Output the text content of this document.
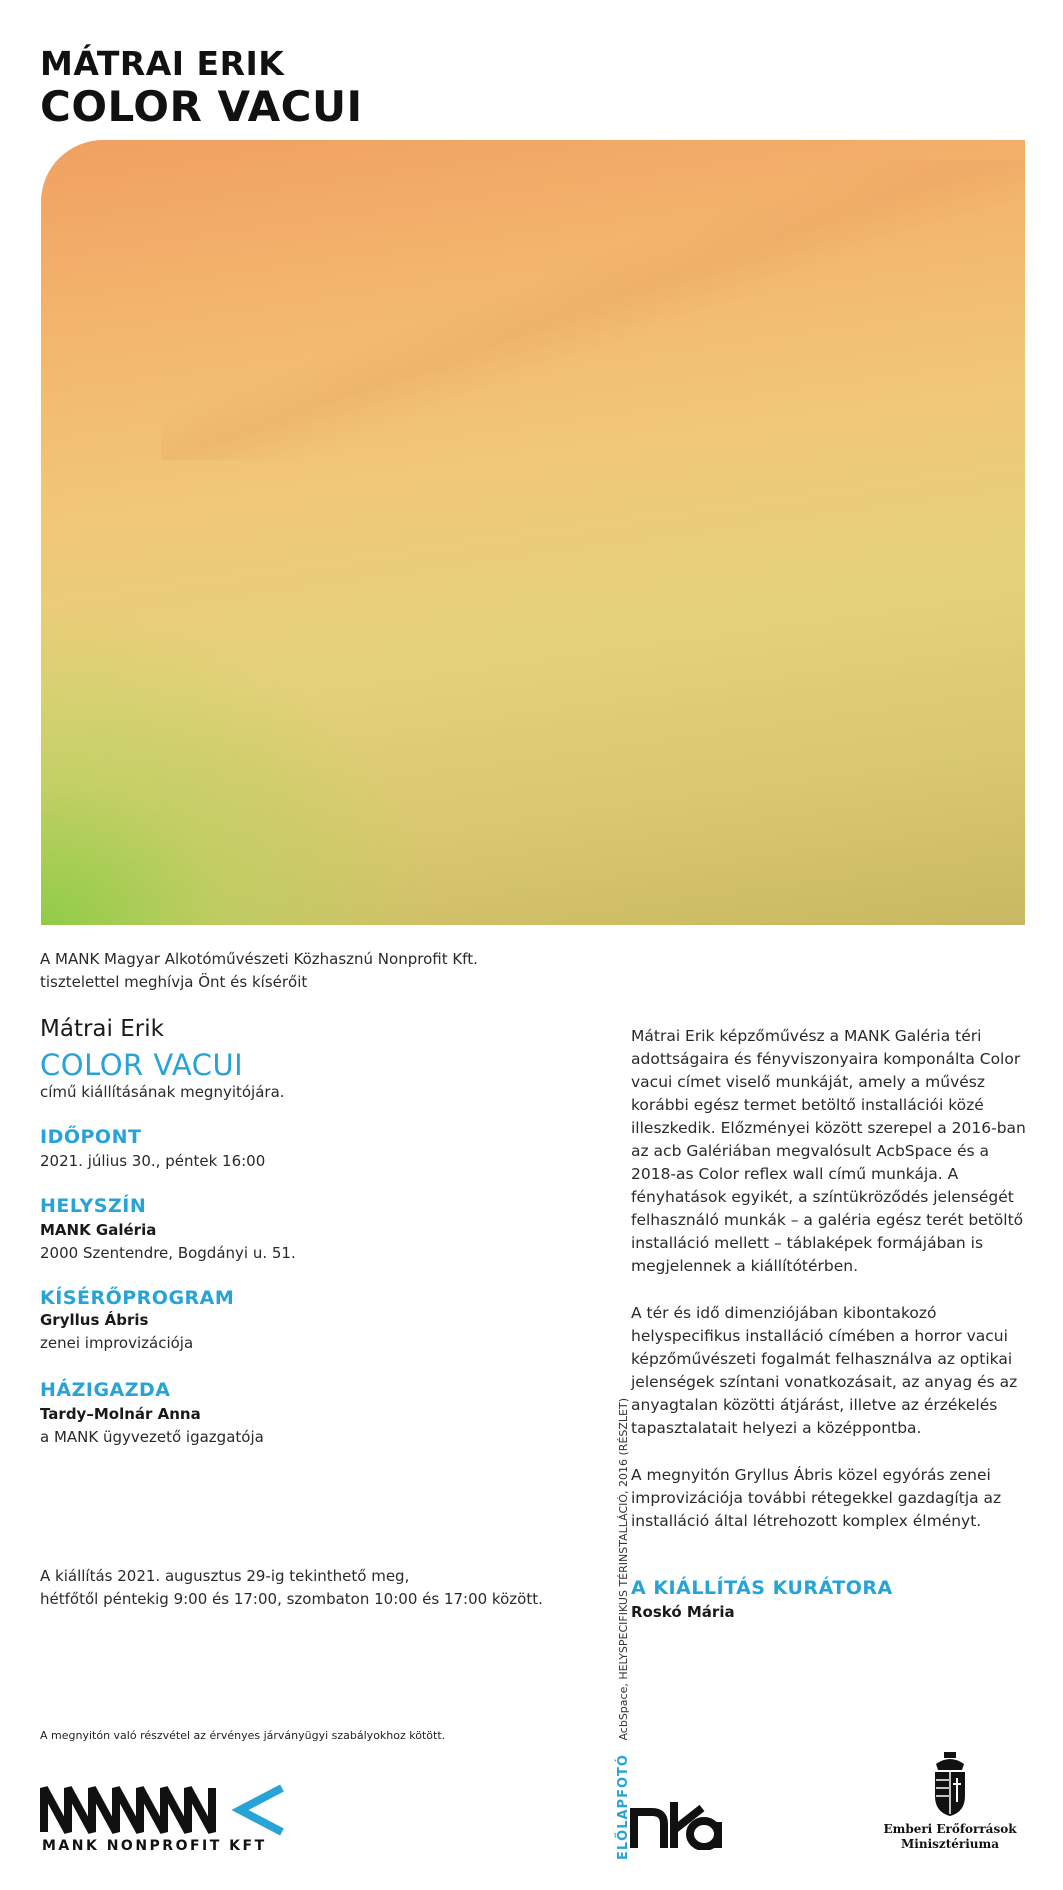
MÁTRAI ERIK
COLOR VACUI
A MANK Magyar Alkotóművészeti Közhasznú Nonprofit Kft.
tisztelettel meghívja Önt és kísérőit
Mátrai Erik
COLOR VACUI
című kiállításának megnyitójára.
IDŐPONT
2021. július 30., péntek 16:00
HELYSZÍN
MANK Galéria
2000 Szentendre, Bogdányi u. 51.
KÍSÉRŐPROGRAM
Gryllus Ábris
zenei improvizációja
HÁZIGAZDA
Tardy–Molnár Anna
a MANK ügyvezető igazgatója
A kiállítás 2021. augusztus 29-ig tekinthető meg,
hétfőtől péntekig 9:00 és 17:00, szombaton 10:00 és 17:00 között.

Mátrai Erik képzőművész a MANK Galéria téri adottságaira és fényviszonyaira komponálta Color vacui címet viselő munkáját, amely a művész korábbi egész termet betöltő installációi közé illeszkedik. Előzményei között szerepel a 2016-ban az acb Galériában megvalósult AcbSpace és a 2018-as Color reflex wall című munkája. A fényhatások egyikét, a színtükröződés jelenségét felhasználó munkák – a galéria egész terét betöltő installáció mellett – táblaképek formájában is megjelennek a kiállítótérben.

A tér és idő dimenziójában kibontakozó helyspecifikus installáció címében a horror vacui képzőművészeti fogalmát felhasználva az optikai jelenségek színtani vonatkozásait, az anyag és az anyagtalan közötti átjárást, illetve az érzékelés tapasztalatait helyezi a középpontba.

A megnyitón Gryllus Ábris közel egyórás zenei improvizációja további rétegekkel gazdagítja az installáció által létrehozott komplex élményt.

A KIÁLLÍTÁS KURÁTORA
Roskó Mária
A megnyitón való részvétel az érvényes járványügyi szabályokhoz kötött.
ELŐLAPFOTÓ AcbSpace, HELYSPECIFIKUS TÉRINSTALLÁCIÓ, 2016 (RÉSZLET)
MANK NONPROFIT KFT
Emberi Erőforrások
Minisztériuma
